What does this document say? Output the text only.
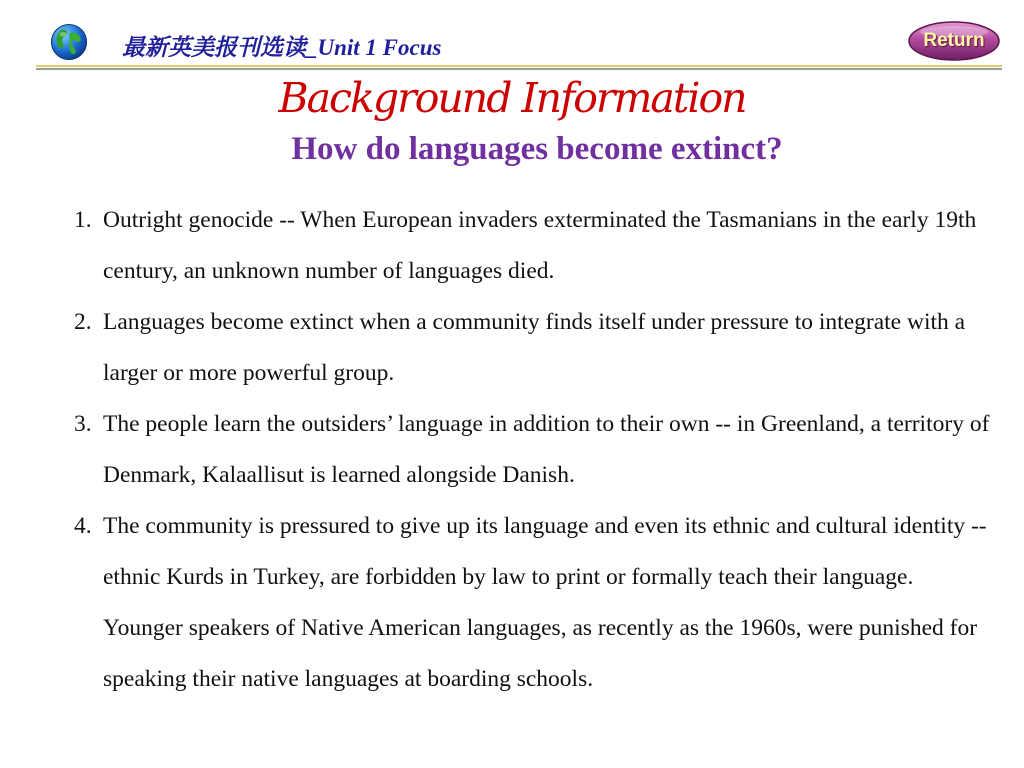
最新英美报刊选读_Unit 1 Focus	Return
Background Information
How do languages become extinct?
1. Outright genocide -- When European invaders exterminated the Tasmanians in the early 19th century, an unknown number of languages died.
2. Languages become extinct when a community finds itself under pressure to integrate with a larger or more powerful group.
3. The people learn the outsiders’ language in addition to their own -- in Greenland, a territory of Denmark, Kalaallisut is learned alongside Danish.
4. The community is pressured to give up its language and even its ethnic and cultural identity -- ethnic Kurds in Turkey, are forbidden by law to print or formally teach their language. Younger speakers of Native American languages, as recently as the 1960s, were punished for speaking their native languages at boarding schools.
